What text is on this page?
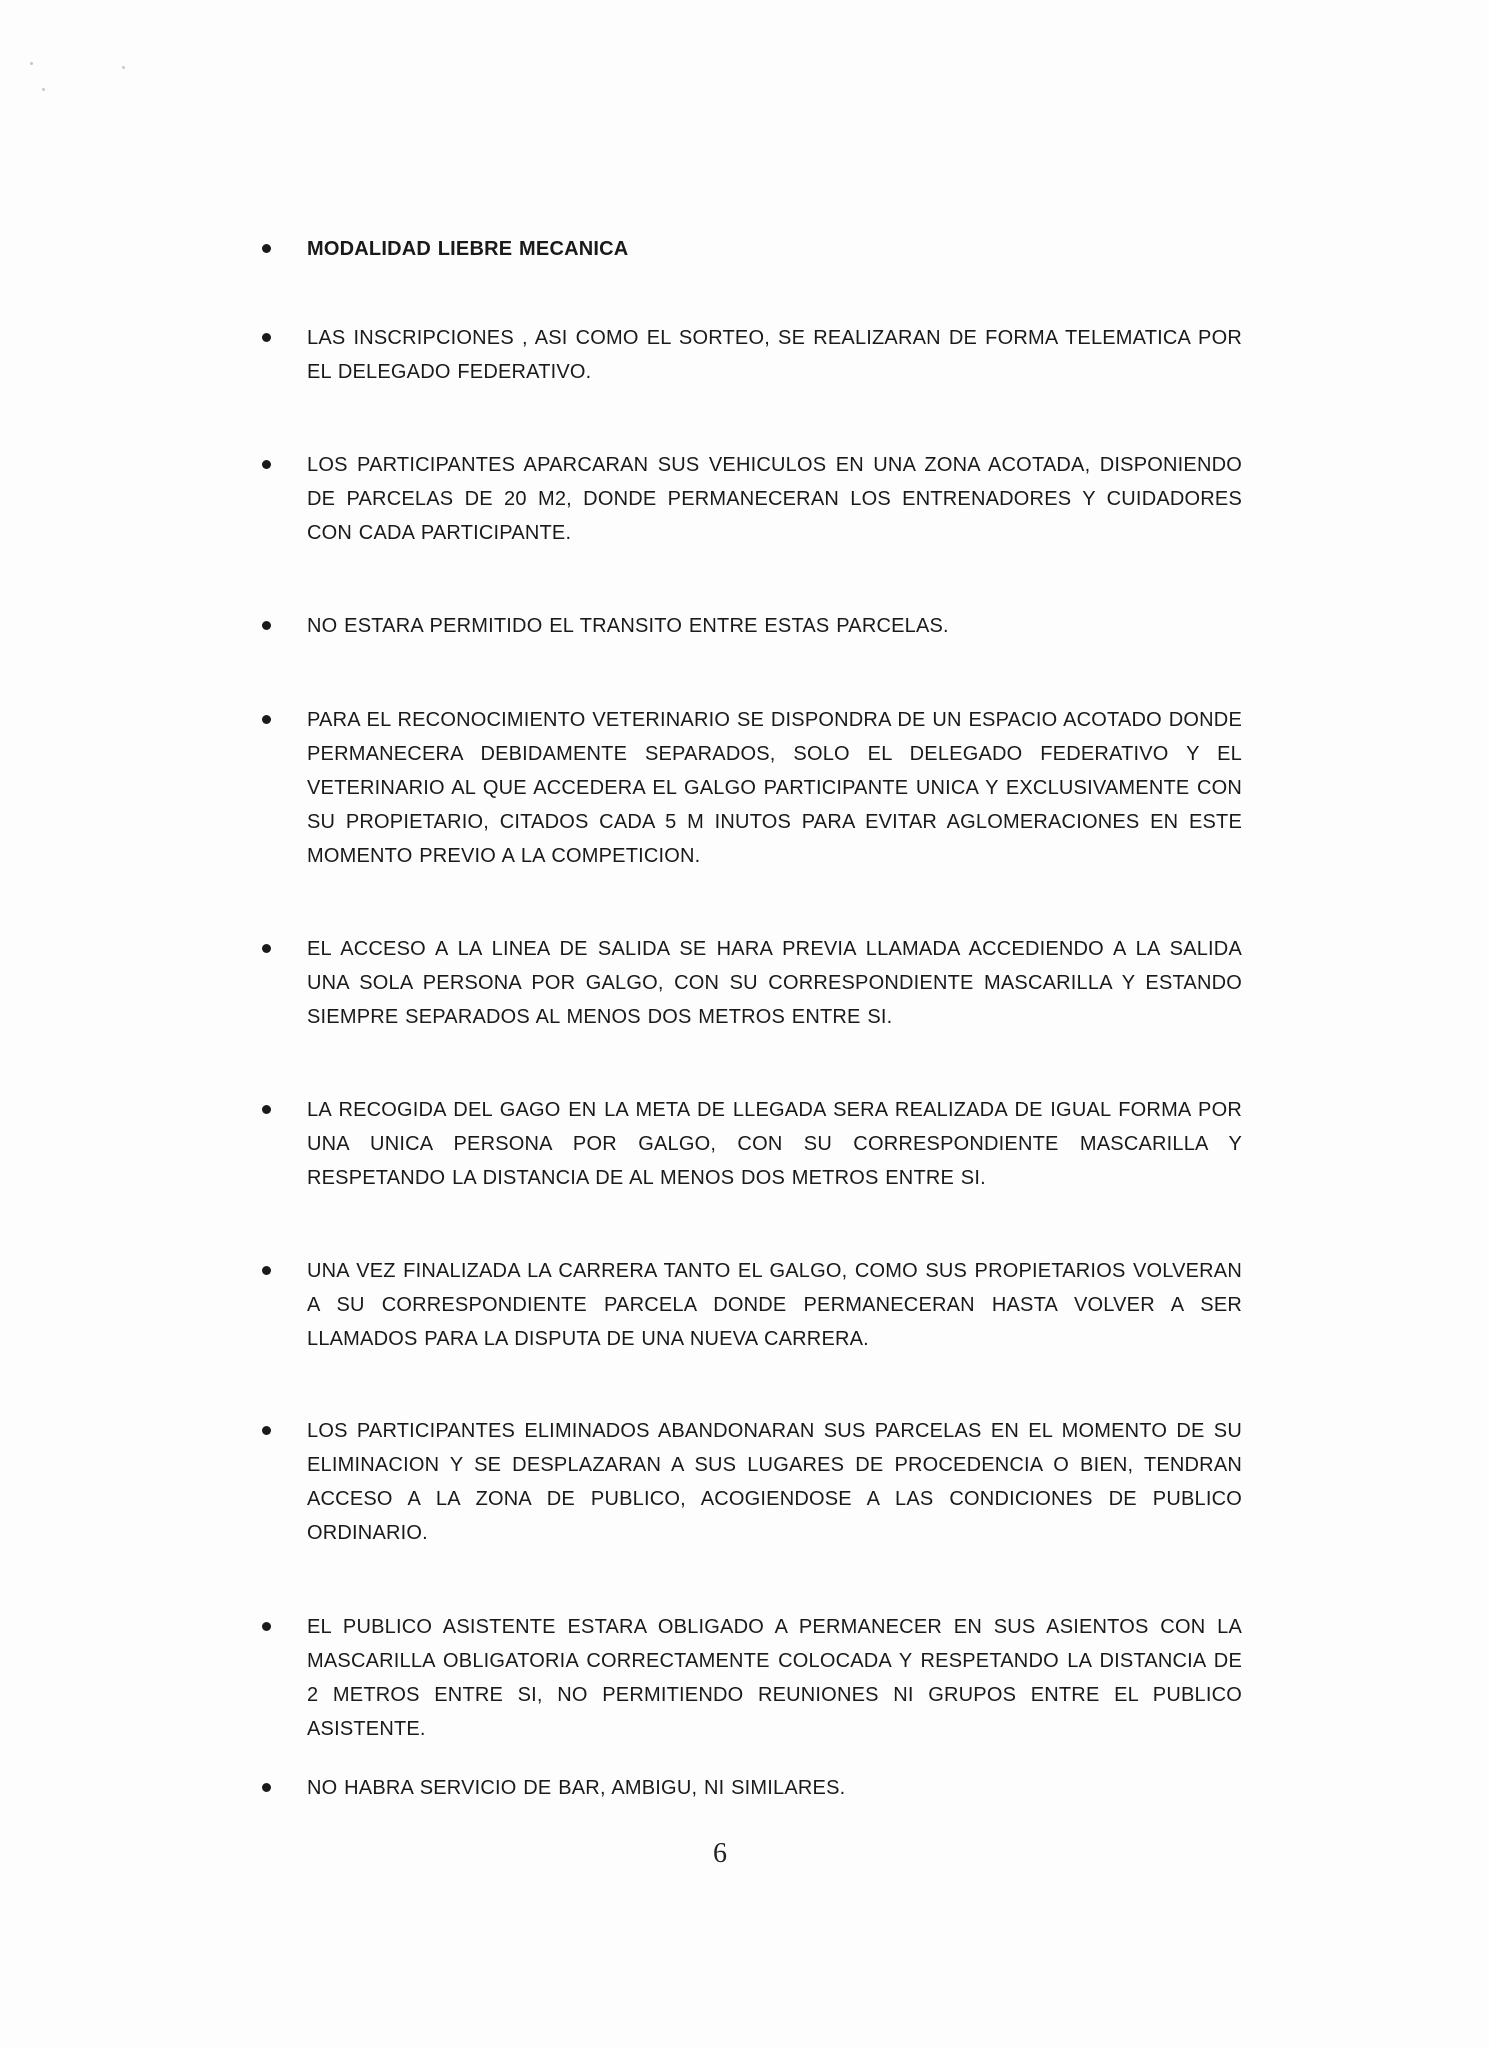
MODALIDAD LIEBRE MECANICA
LAS INSCRIPCIONES , ASI COMO EL SORTEO, SE REALIZARAN DE FORMA TELEMATICA POR EL DELEGADO FEDERATIVO.
LOS PARTICIPANTES APARCARAN SUS VEHICULOS EN UNA ZONA ACOTADA, DISPONIENDO DE PARCELAS DE 20 M2, DONDE PERMANECERAN LOS ENTRENADORES Y CUIDADORES CON CADA PARTICIPANTE.
NO ESTARA PERMITIDO EL TRANSITO ENTRE ESTAS PARCELAS.
PARA EL RECONOCIMIENTO VETERINARIO SE DISPONDRA DE UN ESPACIO ACOTADO DONDE PERMANECERA DEBIDAMENTE SEPARADOS, SOLO EL DELEGADO FEDERATIVO Y EL VETERINARIO AL QUE ACCEDERA EL GALGO PARTICIPANTE UNICA Y EXCLUSIVAMENTE CON SU PROPIETARIO, CITADOS CADA 5 M INUTOS PARA EVITAR AGLOMERACIONES EN ESTE MOMENTO PREVIO A LA COMPETICION.
EL ACCESO A LA LINEA DE SALIDA SE HARA PREVIA LLAMADA ACCEDIENDO A LA SALIDA UNA SOLA PERSONA POR GALGO, CON SU CORRESPONDIENTE MASCARILLA Y ESTANDO SIEMPRE SEPARADOS AL MENOS DOS METROS ENTRE SI.
LA RECOGIDA DEL GAGO EN LA META DE LLEGADA SERA REALIZADA DE IGUAL FORMA POR UNA UNICA PERSONA POR GALGO, CON SU CORRESPONDIENTE MASCARILLA Y RESPETANDO LA DISTANCIA DE AL MENOS DOS METROS ENTRE SI.
UNA VEZ FINALIZADA LA CARRERA TANTO EL GALGO, COMO SUS PROPIETARIOS VOLVERAN A SU CORRESPONDIENTE PARCELA DONDE PERMANECERAN HASTA VOLVER A SER LLAMADOS PARA LA DISPUTA DE UNA NUEVA CARRERA.
LOS PARTICIPANTES ELIMINADOS ABANDONARAN SUS PARCELAS EN EL MOMENTO DE SU ELIMINACION Y SE DESPLAZARAN A SUS LUGARES DE PROCEDENCIA O BIEN, TENDRAN ACCESO A LA ZONA DE PUBLICO, ACOGIENDOSE A LAS CONDICIONES DE PUBLICO ORDINARIO.
EL PUBLICO ASISTENTE ESTARA OBLIGADO A PERMANECER EN SUS ASIENTOS CON LA MASCARILLA OBLIGATORIA CORRECTAMENTE COLOCADA Y RESPETANDO LA DISTANCIA DE 2 METROS ENTRE SI, NO PERMITIENDO REUNIONES NI GRUPOS ENTRE EL PUBLICO ASISTENTE.
NO HABRA SERVICIO DE BAR, AMBIGU, NI SIMILARES.
6
